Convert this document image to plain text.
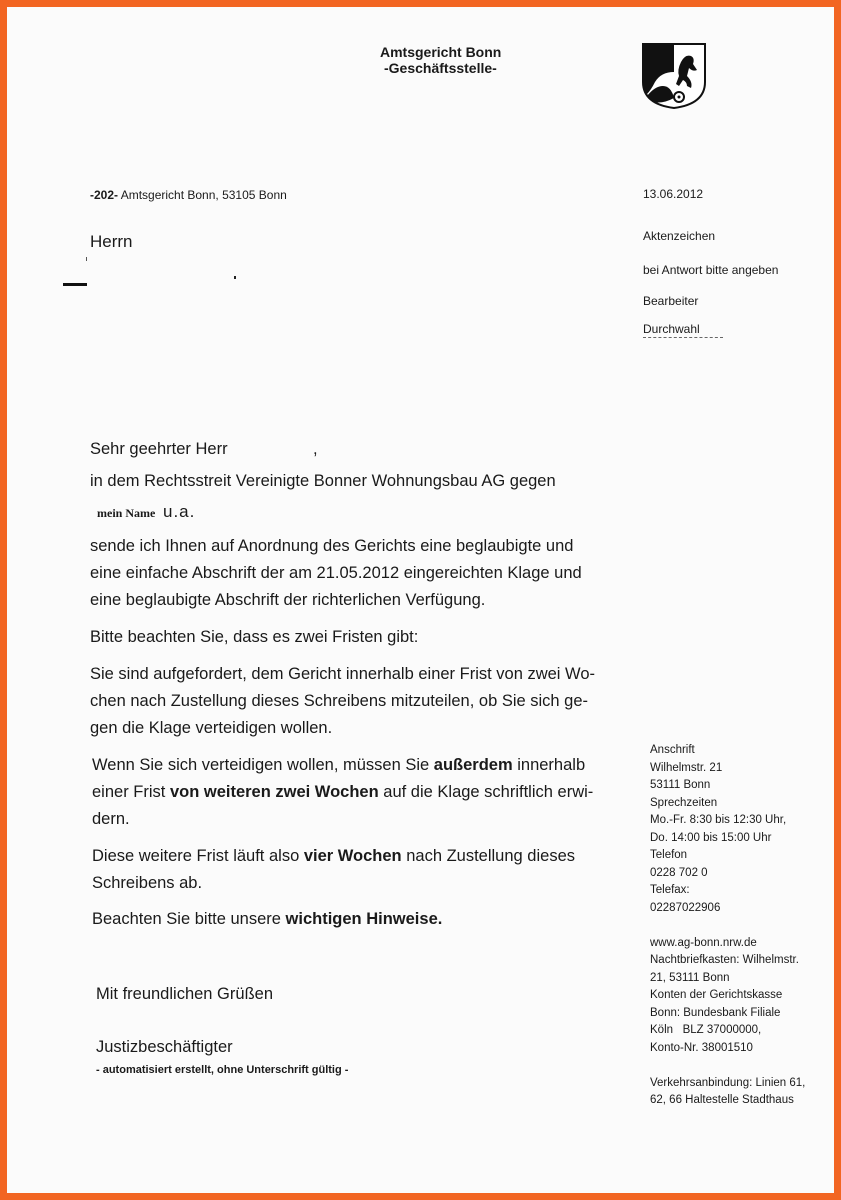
Amtsgericht Bonn
-Geschäftsstelle-
-202- Amtsgericht Bonn, 53105 Bonn	13.06.2012
Aktenzeichen
bei Antwort bitte angeben
Bearbeiter
Durchwahl
Herrn
Sehr geehrter Herr	,
in dem Rechtsstreit Vereinigte Bonner Wohnungsbau AG gegen
mein Name u.a.
sende ich Ihnen auf Anordnung des Gerichts eine beglaubigte und
eine einfache Abschrift der am 21.05.2012 eingereichten Klage und
eine beglaubigte Abschrift der richterlichen Verfügung.
Bitte beachten Sie, dass es zwei Fristen gibt:
Sie sind aufgefordert, dem Gericht innerhalb einer Frist von zwei Wo-
chen nach Zustellung dieses Schreibens mitzuteilen, ob Sie sich ge-
gen die Klage verteidigen wollen.
Wenn Sie sich verteidigen wollen, müssen Sie außerdem innerhalb
einer Frist von weiteren zwei Wochen auf die Klage schriftlich erwi-
dern.
Diese weitere Frist läuft also vier Wochen nach Zustellung dieses
Schreibens ab.
Beachten Sie bitte unsere wichtigen Hinweise.
Anschrift
Wilhelmstr. 21
53111 Bonn
Sprechzeiten
Mo.-Fr. 8:30 bis 12:30 Uhr,
Do. 14:00 bis 15:00 Uhr
Telefon
0228 702 0
Telefax:
02287022906
www.ag-bonn.nrw.de
Nachtbriefkasten: Wilhelmstr.
21, 53111 Bonn
Konten der Gerichtskasse
Bonn: Bundesbank Filiale
Köln   BLZ 37000000,
Konto-Nr. 38001510
Verkehrsanbindung: Linien 61,
62, 66 Haltestelle Stadthaus
Mit freundlichen Grüßen
Justizbeschäftigter
- automatisiert erstellt, ohne Unterschrift gültig -
